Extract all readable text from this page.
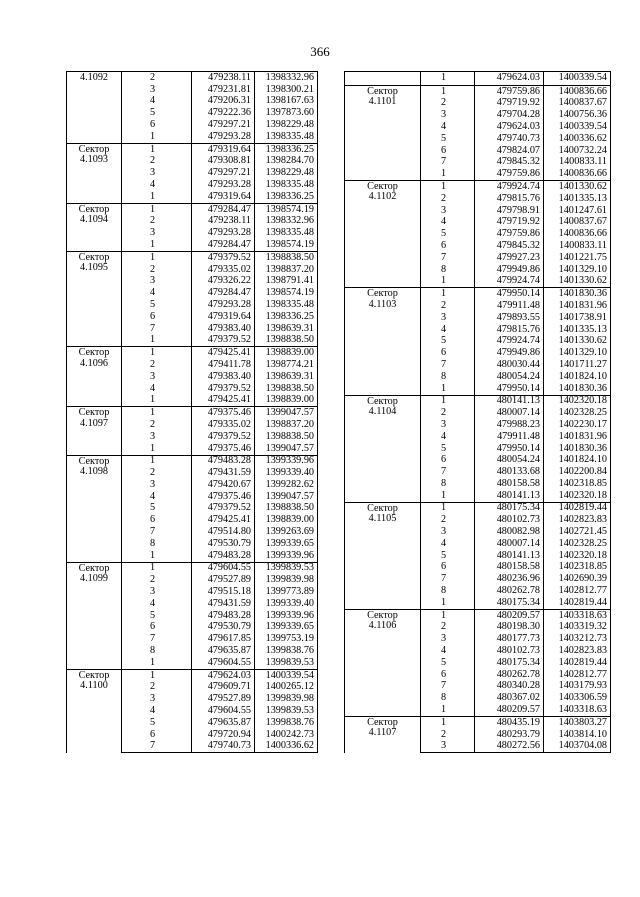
366
4.1092	2	479238.11	1398332.96
	3	479231.81	1398300.21
	4	479206.31	1398167.63
	5	479222.36	1397873.60
	6	479297.21	1398229.48
	1	479293.28	1398335.48
Сектор
4.1093	1	479319.64	1398336.25
	2	479308.81	1398284.70
	3	479297.21	1398229.48
	4	479293.28	1398335.48
	1	479319.64	1398336.25
Сектор
4.1094	1	479284.47	1398574.19
	2	479238.11	1398332.96
	3	479293.28	1398335.48
	1	479284.47	1398574.19
Сектор
4.1095	1	479379.52	1398838.50
	2	479335.02	1398837.20
	3	479326.22	1398791.41
	4	479284.47	1398574.19
	5	479293.28	1398335.48
	6	479319.64	1398336.25
	7	479383.40	1398639.31
	1	479379.52	1398838.50
Сектор
4.1096	1	479425.41	1398839.00
	2	479411.78	1398774.21
	3	479383.40	1398639.31
	4	479379.52	1398838.50
	1	479425.41	1398839.00
Сектор
4.1097	1	479375.46	1399047.57
	2	479335.02	1398837.20
	3	479379.52	1398838.50
	1	479375.46	1399047.57
Сектор
4.1098	1	479483.28	1399339.96
	2	479431.59	1399339.40
	3	479420.67	1399282.62
	4	479375.46	1399047.57
	5	479379.52	1398838.50
	6	479425.41	1398839.00
	7	479514.80	1399263.69
	8	479530.79	1399339.65
	1	479483.28	1399339.96
Сектор
4.1099	1	479604.55	1399839.53
	2	479527.89	1399839.98
	3	479515.18	1399773.89
	4	479431.59	1399339.40
	5	479483.28	1399339.96
	6	479530.79	1399339.65
	7	479617.85	1399753.19
	8	479635.87	1399838.76
	1	479604.55	1399839.53
Сектор
4.1100	1	479624.03	1400339.54
	2	479609.71	1400265.12
	3	479527.89	1399839.98
	4	479604.55	1399839.53
	5	479635.87	1399838.76
	6	479720.94	1400242.73
	7	479740.73	1400336.62
	1	479624.03	1400339.54
Сектор
4.1101	1	479759.86	1400836.66
	2	479719.92	1400837.67
	3	479704.28	1400756.36
	4	479624.03	1400339.54
	5	479740.73	1400336.62
	6	479824.07	1400732.24
	7	479845.32	1400833.11
	1	479759.86	1400836.66
Сектор
4.1102	1	479924.74	1401330.62
	2	479815.76	1401335.13
	3	479798.91	1401247.61
	4	479719.92	1400837.67
	5	479759.86	1400836.66
	6	479845.32	1400833.11
	7	479927.23	1401221.75
	8	479949.86	1401329.10
	1	479924.74	1401330.62
Сектор
4.1103	1	479950.14	1401830.36
	2	479911.48	1401831.96
	3	479893.55	1401738.91
	4	479815.76	1401335.13
	5	479924.74	1401330.62
	6	479949.86	1401329.10
	7	480030.44	1401711.27
	8	480054.24	1401824.10
	1	479950.14	1401830.36
Сектор
4.1104	1	480141.13	1402320.18
	2	480007.14	1402328.25
	3	479988.23	1402230.17
	4	479911.48	1401831.96
	5	479950.14	1401830.36
	6	480054.24	1401824.10
	7	480133.68	1402200.84
	8	480158.58	1402318.85
	1	480141.13	1402320.18
Сектор
4.1105	1	480175.34	1402819.44
	2	480102.73	1402823.83
	3	480082.98	1402721.45
	4	480007.14	1402328.25
	5	480141.13	1402320.18
	6	480158.58	1402318.85
	7	480236.96	1402690.39
	8	480262.78	1402812.77
	1	480175.34	1402819.44
Сектор
4.1106	1	480209.57	1403318.63
	2	480198.30	1403319.32
	3	480177.73	1403212.73
	4	480102.73	1402823.83
	5	480175.34	1402819.44
	6	480262.78	1402812.77
	7	480340.28	1403179.93
	8	480367.02	1403306.59
	1	480209.57	1403318.63
Сектор
4.1107	1	480435.19	1403803.27
	2	480293.79	1403814.10
	3	480272.56	1403704.08
